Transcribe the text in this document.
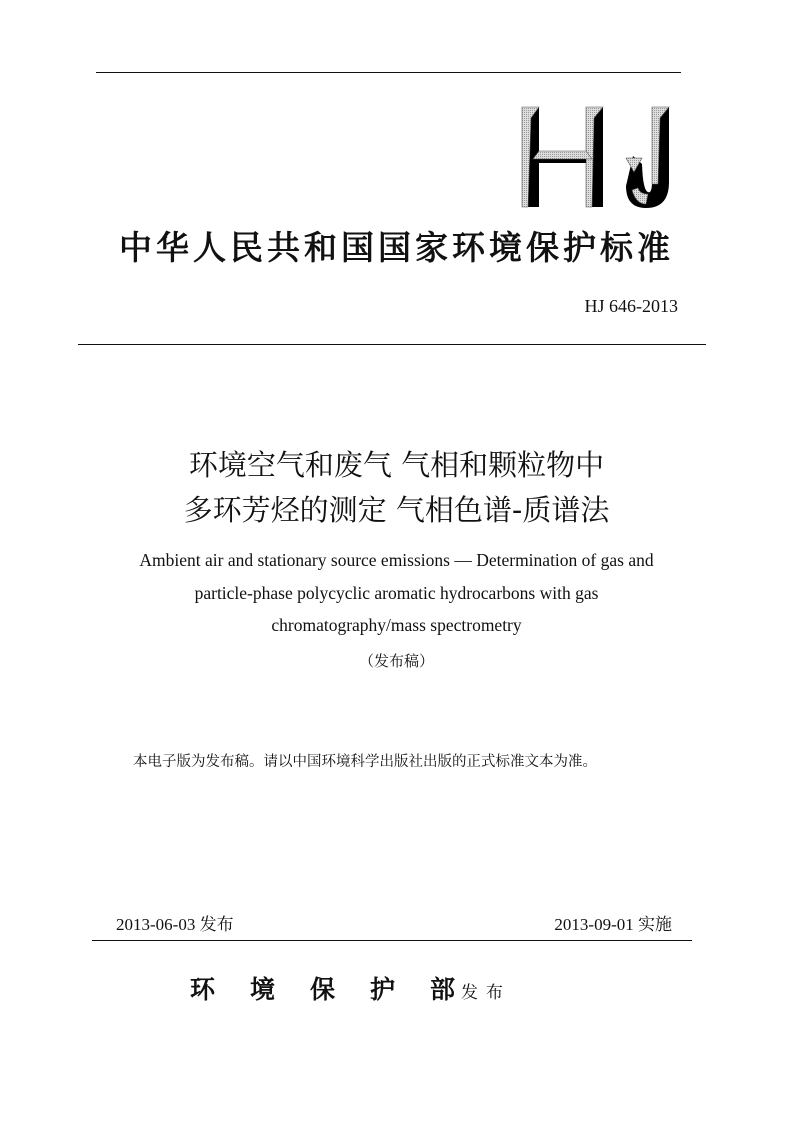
中华人民共和国国家环境保护标准
HJ 646-2013
环境空气和废气 气相和颗粒物中
多环芳烃的测定 气相色谱-质谱法
Ambient air and stationary source emissions — Determination of gas and
particle-phase polycyclic aromatic hydrocarbons with gas
chromatography/mass spectrometry
（发布稿）
本电子版为发布稿。请以中国环境科学出版社出版的正式标准文本为准。
2013-06-03 发布	2013-09-01 实施
环 境 保 护 部 发布
